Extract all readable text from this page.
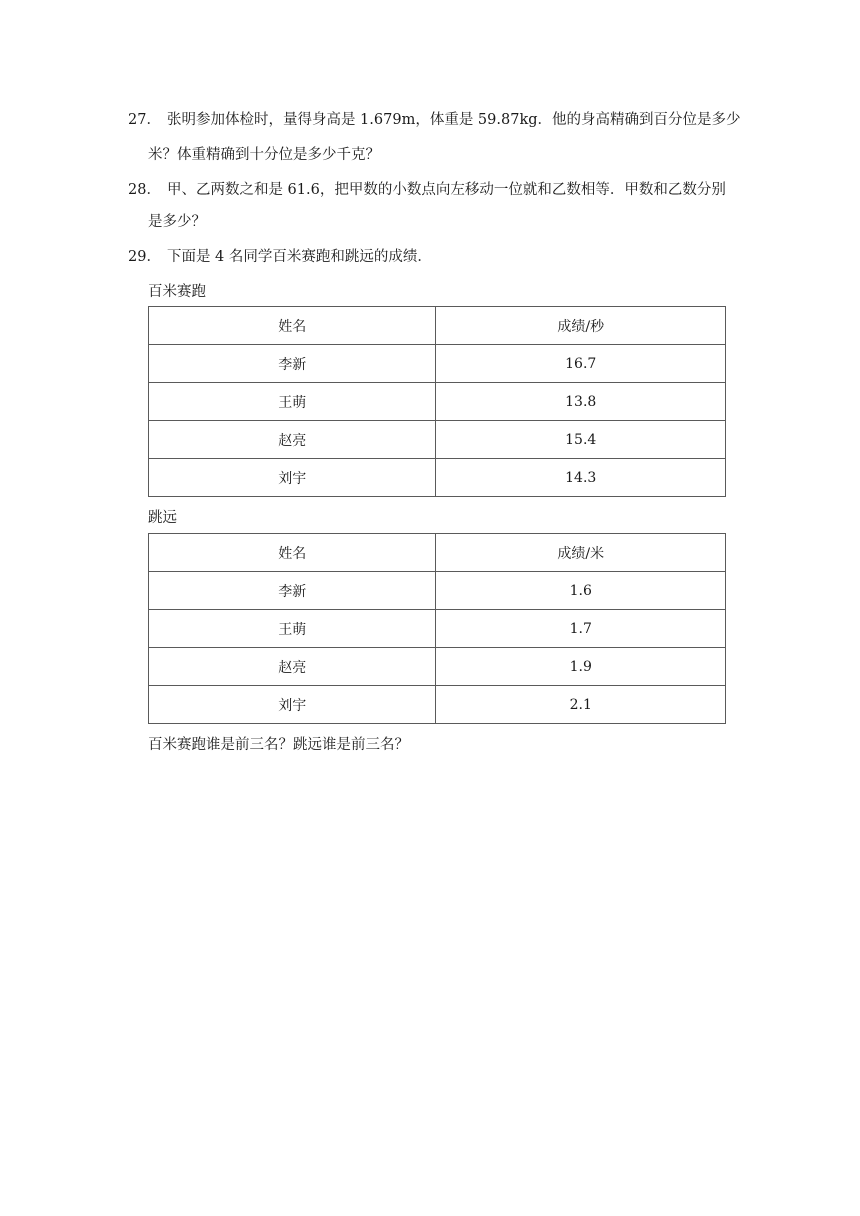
27． 张明参加体检时，量得身高是 1.679m，体重是 59.87kg．他的身高精确到百分位是多少
米？体重精确到十分位是多少千克？
28． 甲、乙两数之和是 61.6，把甲数的小数点向左移动一位就和乙数相等．甲数和乙数分别
是多少？
29． 下面是 4 名同学百米赛跑和跳远的成绩．
百米赛跑
姓名	成绩/秒
李新	16.7
王萌	13.8
赵亮	15.4
刘宇	14.3
跳远
姓名	成绩/米
李新	1.6
王萌	1.7
赵亮	1.9
刘宇	2.1
百米赛跑谁是前三名？跳远谁是前三名？
